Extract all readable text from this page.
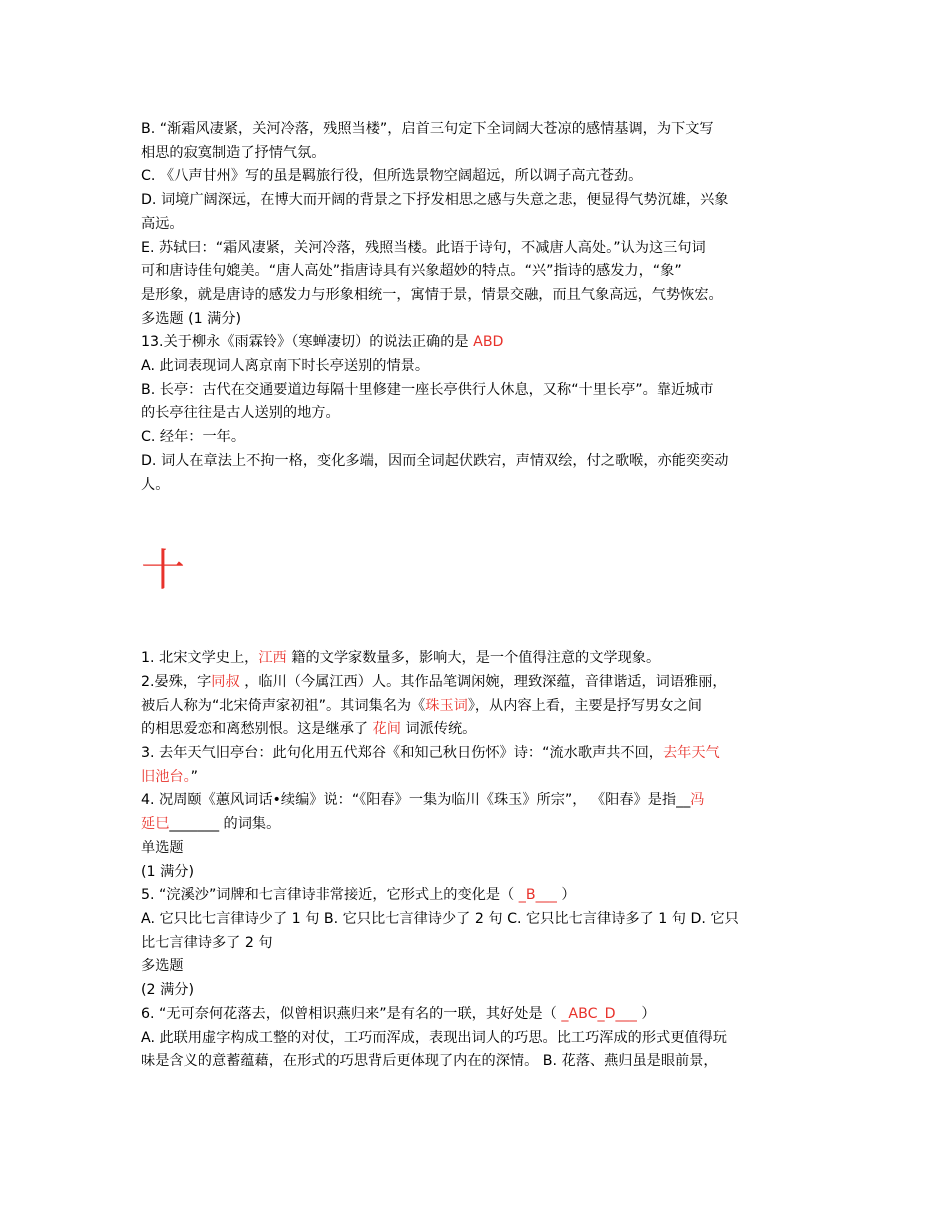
B. “渐霜风凄紧，关河冷落，残照当楼”，启首三句定下全词阔大苍凉的感情基调，为下文写

相思的寂寞制造了抒情气氛。

C. 《八声甘州》写的虽是羁旅行役，但所选景物空阔超远，所以调子高亢苍劲。

D. 词境广阔深远，在博大而开阔的背景之下抒发相思之感与失意之悲，便显得气势沉雄，兴象

高远。

E. 苏轼曰：“霜风凄紧，关河冷落，残照当楼。此语于诗句，不减唐人高处。”认为这三句词

可和唐诗佳句媲美。“唐人高处”指唐诗具有兴象超妙的特点。“兴”指诗的感发力，“象”

是形象，就是唐诗的感发力与形象相统一，寓情于景，情景交融，而且气象高远，气势恢宏。

多选题 (1 满分)

13.关于柳永《雨霖铃》（寒蝉凄切）的说法正确的是 ABD

A. 此词表现词人离京南下时长亭送别的情景。

B. 长亭：古代在交通要道边每隔十里修建一座长亭供行人休息，又称“十里长亭”。靠近城市

的长亭往往是古人送别的地方。

C. 经年：一年。

D. 词人在章法上不拘一格，变化多端，因而全词起伏跌宕，声情双绘，付之歌喉，亦能奕奕动

人。

十

1. 北宋文学史上，江西 籍的文学家数量多，影响大，是一个值得注意的文学现象。

2.晏殊，字同叔 ，临川（今属江西）人。其作品笔调闲婉，理致深蕴，音律谐适，词语雅丽，

被后人称为“北宋倚声家初祖”。其词集名为《珠玉词》，从内容上看，主要是抒写男女之间

的相思爱恋和离愁别恨。这是继承了 花间 词派传统。

3. 去年天气旧亭台：此句化用五代郑谷《和知己秋日伤怀》诗：“流水歌声共不回，去年天气

旧池台。”

4. 况周颐《蕙风词话•续编》说：“《阳春》一集为临川《珠玉》所宗”， 《阳春》是指__冯

延巳_______ 的词集。

单选题

(1 满分)

5. “浣溪沙”词牌和七言律诗非常接近，它形式上的变化是（ _B___ ）

A. 它只比七言律诗少了 1 句 B. 它只比七言律诗少了 2 句 C. 它只比七言律诗多了 1 句 D. 它只

比七言律诗多了 2 句

多选题

(2 满分)

6. “无可奈何花落去，似曾相识燕归来”是有名的一联，其好处是（ _ABC_D___ ）

A. 此联用虚字构成工整的对仗，工巧而浑成，表现出词人的巧思。比工巧浑成的形式更值得玩

味是含义的意蓄蕴藉，在形式的巧思背后更体现了内在的深情。 B. 花落、燕归虽是眼前景，
